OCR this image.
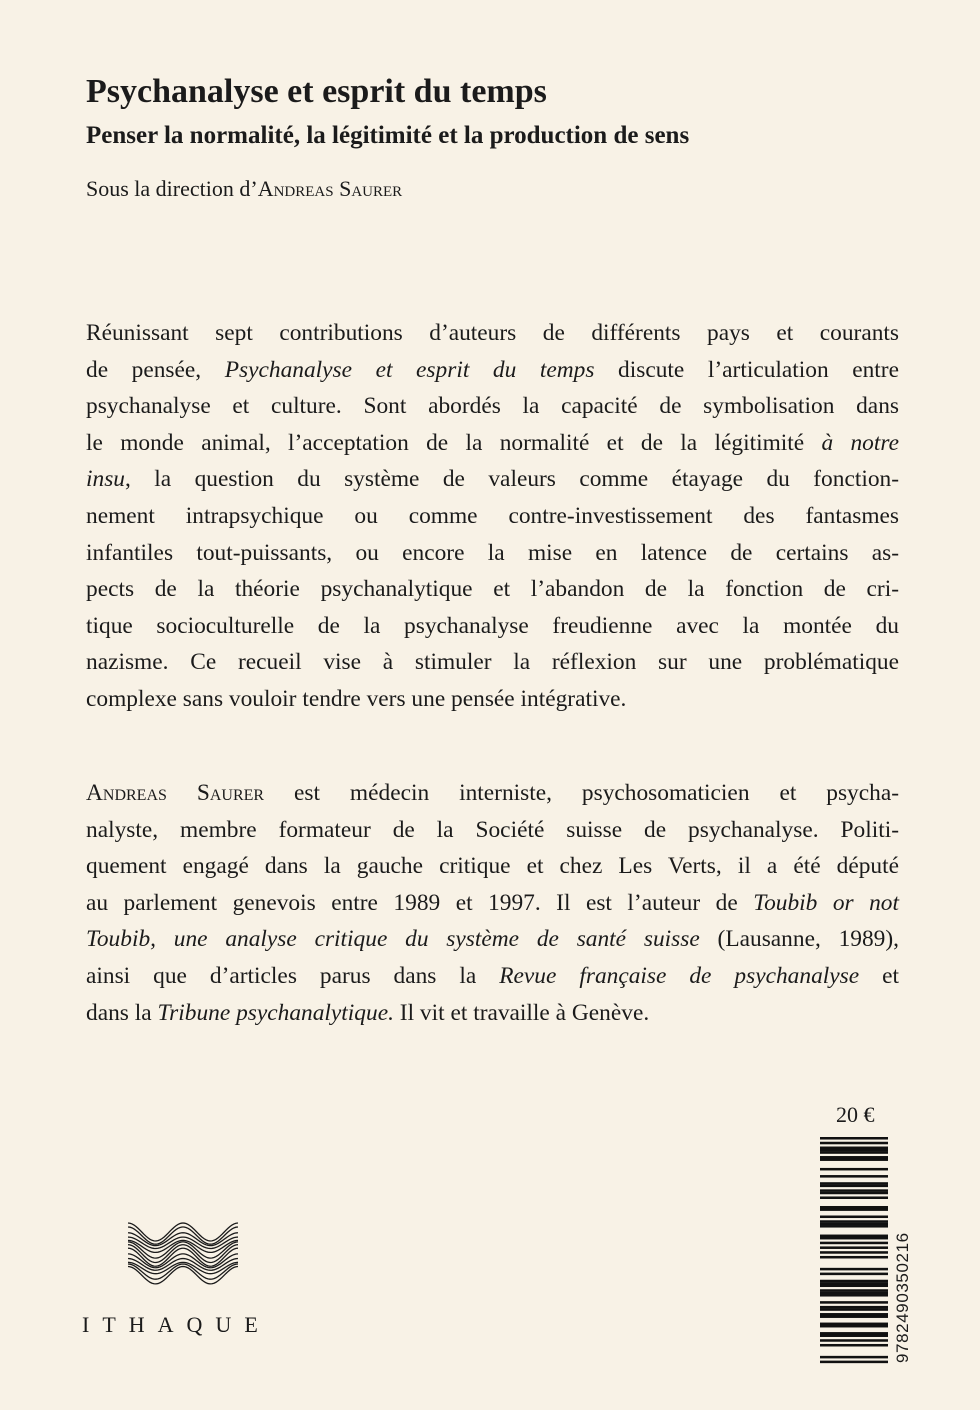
Psychanalyse et esprit du temps
Penser la normalité, la légitimité et la production de sens
Sous la direction d’Andreas Saurer

Réunissant sept contributions d’auteurs de différents pays et courants
de pensée, Psychanalyse et esprit du temps discute l’articulation entre
psychanalyse et culture. Sont abordés la capacité de symbolisation dans
le monde animal, l’acceptation de la normalité et de la légitimité à notre
insu, la question du système de valeurs comme étayage du fonction-
nement intrapsychique ou comme contre-investissement des fantasmes
infantiles tout-puissants, ou encore la mise en latence de certains as-
pects de la théorie psychanalytique et l’abandon de la fonction de cri-
tique socioculturelle de la psychanalyse freudienne avec la montée du
nazisme. Ce recueil vise à stimuler la réflexion sur une problématique
complexe sans vouloir tendre vers une pensée intégrative.

Andreas Saurer est médecin interniste, psychosomaticien et psycha-
nalyste, membre formateur de la Société suisse de psychanalyse. Politi-
quement engagé dans la gauche critique et chez Les Verts, il a été député
au parlement genevois entre 1989 et 1997. Il est l’auteur de Toubib or not
Toubib, une analyse critique du système de santé suisse (Lausanne, 1989),
ainsi que d’articles parus dans la Revue française de psychanalyse et
dans la Tribune psychanalytique. Il vit et travaille à Genève.

20 €
9782490350216
ITHAQUE
